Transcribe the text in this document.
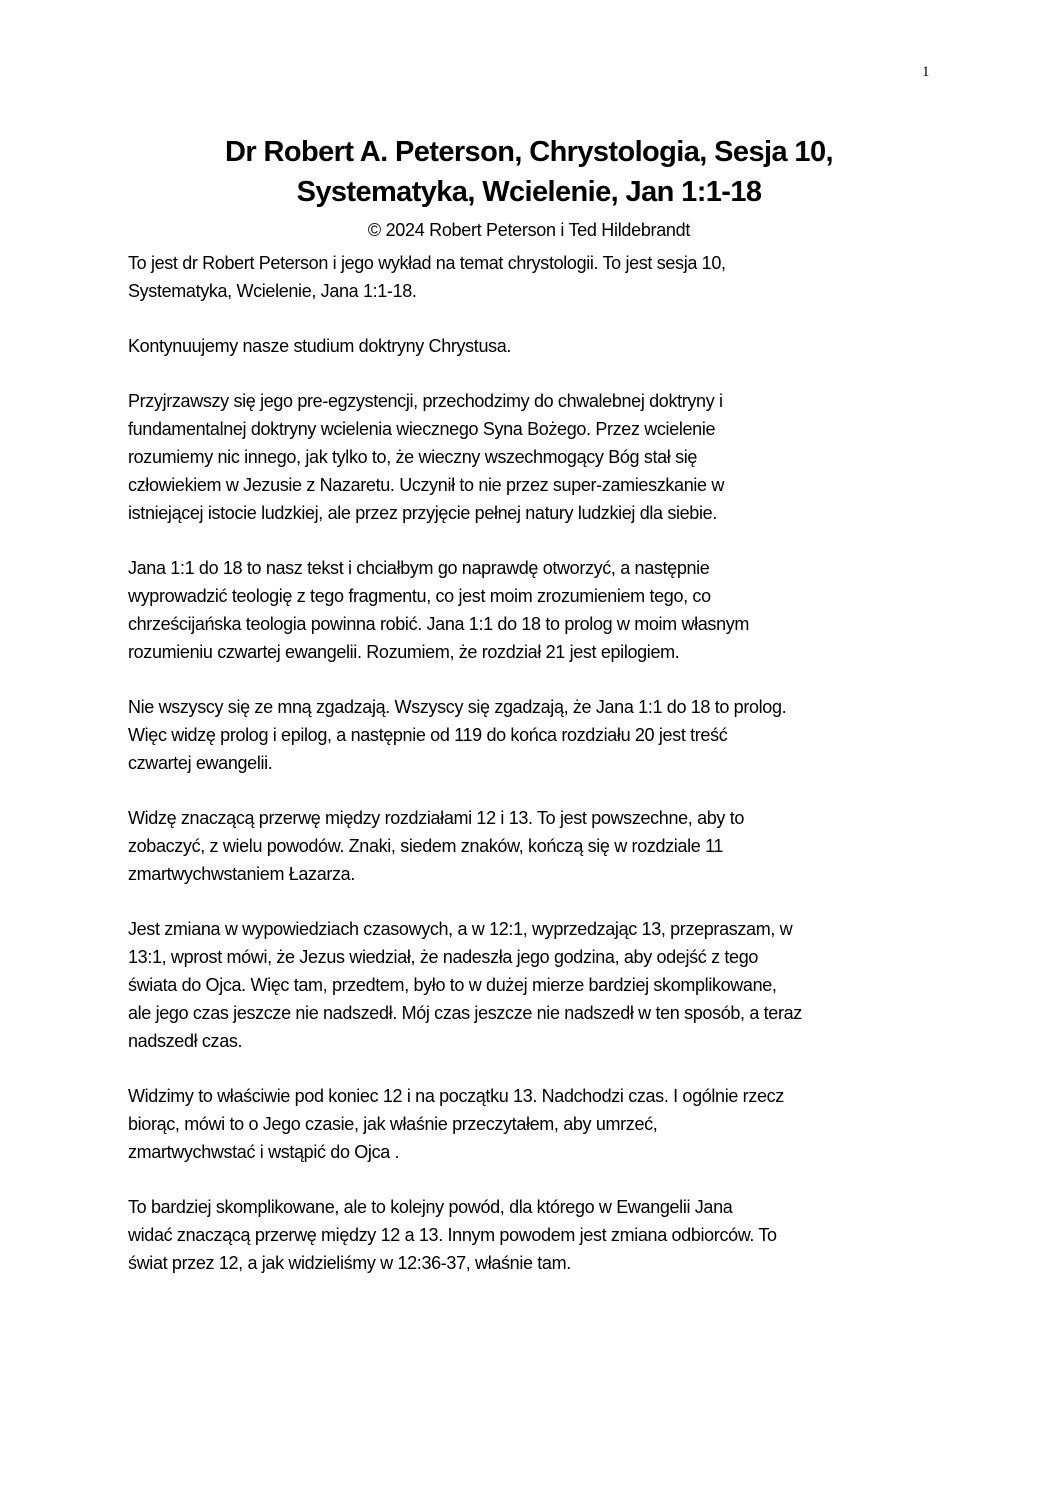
1
Dr Robert A. Peterson, Chrystologia, Sesja 10,
Systematyka, Wcielenie, Jan 1:1-18
© 2024 Robert Peterson i Ted Hildebrandt
To jest dr Robert Peterson i jego wykład na temat chrystologii. To jest sesja 10,
Systematyka, Wcielenie, Jana 1:1-18.
Kontynuujemy nasze studium doktryny Chrystusa.
Przyjrzawszy się jego pre-egzystencji, przechodzimy do chwalebnej doktryny i
fundamentalnej doktryny wcielenia wiecznego Syna Bożego. Przez wcielenie
rozumiemy nic innego, jak tylko to, że wieczny wszechmogący Bóg stał się
człowiekiem w Jezusie z Nazaretu. Uczynił to nie przez super-zamieszkanie w
istniejącej istocie ludzkiej, ale przez przyjęcie pełnej natury ludzkiej dla siebie.
Jana 1:1 do 18 to nasz tekst i chciałbym go naprawdę otworzyć, a następnie
wyprowadzić teologię z tego fragmentu, co jest moim zrozumieniem tego, co
chrześcijańska teologia powinna robić. Jana 1:1 do 18 to prolog w moim własnym
rozumieniu czwartej ewangelii. Rozumiem, że rozdział 21 jest epilogiem.
Nie wszyscy się ze mną zgadzają. Wszyscy się zgadzają, że Jana 1:1 do 18 to prolog.
Więc widzę prolog i epilog, a następnie od 119 do końca rozdziału 20 jest treść
czwartej ewangelii.
Widzę znaczącą przerwę między rozdziałami 12 i 13. To jest powszechne, aby to
zobaczyć, z wielu powodów. Znaki, siedem znaków, kończą się w rozdziale 11
zmartwychwstaniem Łazarza.
Jest zmiana w wypowiedziach czasowych, a w 12:1, wyprzedzając 13, przepraszam, w
13:1, wprost mówi, że Jezus wiedział, że nadeszła jego godzina, aby odejść z tego
świata do Ojca. Więc tam, przedtem, było to w dużej mierze bardziej skomplikowane,
ale jego czas jeszcze nie nadszedł. Mój czas jeszcze nie nadszedł w ten sposób, a teraz
nadszedł czas.
Widzimy to właściwie pod koniec 12 i na początku 13. Nadchodzi czas. I ogólnie rzecz
biorąc, mówi to o Jego czasie, jak właśnie przeczytałem, aby umrzeć,
zmartwychwstać i wstąpić do Ojca .
To bardziej skomplikowane, ale to kolejny powód, dla którego w Ewangelii Jana
widać znaczącą przerwę między 12 a 13. Innym powodem jest zmiana odbiorców. To
świat przez 12, a jak widzieliśmy w 12:36-37, właśnie tam.
